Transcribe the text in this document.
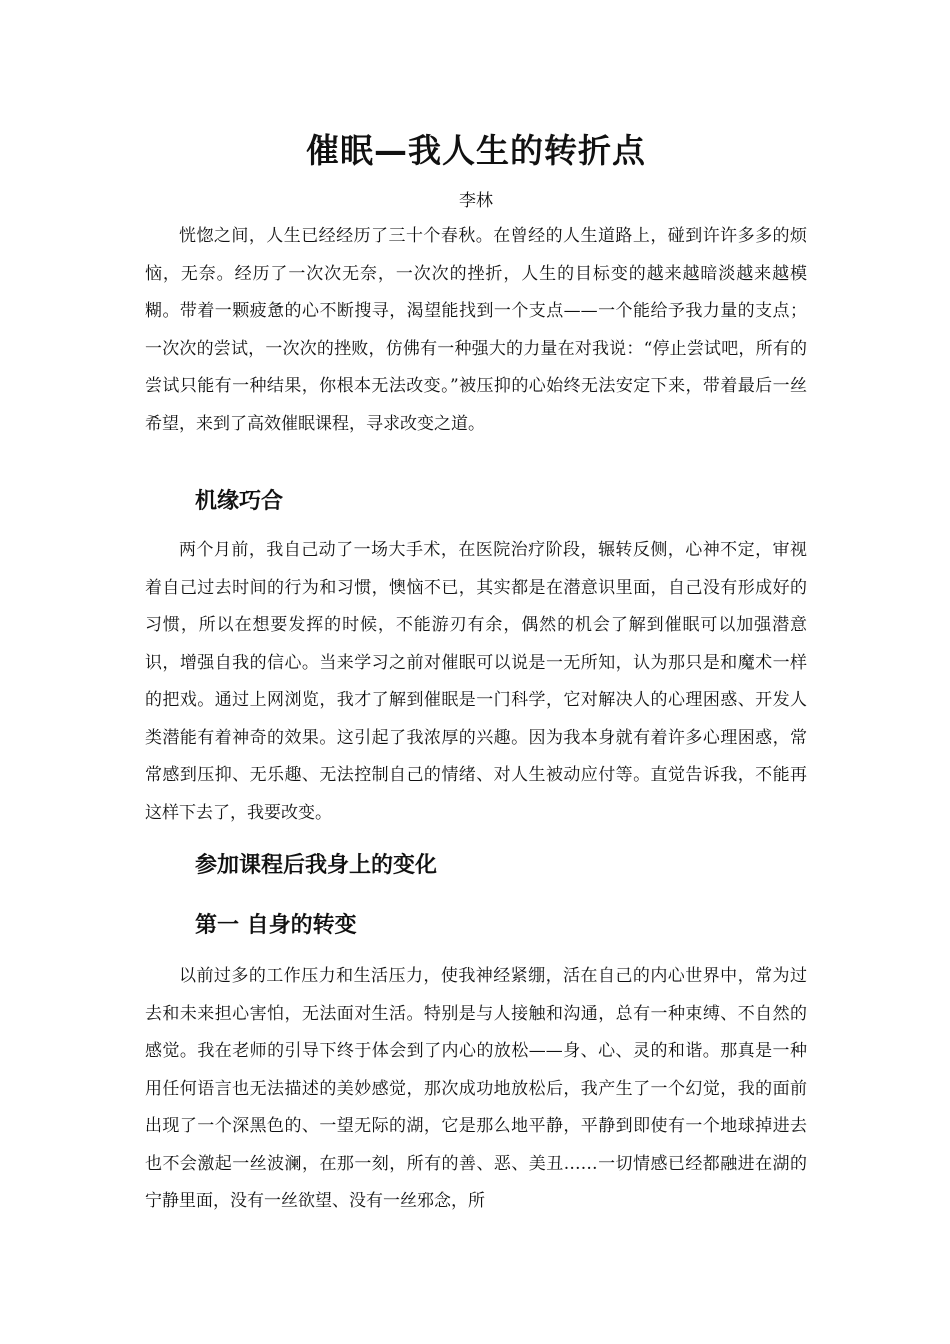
催眠—我人生的转折点
李林

恍惚之间，人生已经经历了三十个春秋。在曾经的人生道路上，碰到许许多多的烦恼，无奈。经历了一次次无奈，一次次的挫折，人生的目标变的越来越暗淡越来越模糊。带着一颗疲惫的心不断搜寻，渴望能找到一个支点——一个能给予我力量的支点；一次次的尝试，一次次的挫败，仿佛有一种强大的力量在对我说：“停止尝试吧，所有的尝试只能有一种结果，你根本无法改变。”被压抑的心始终无法安定下来，带着最后一丝希望，来到了高效催眠课程，寻求改变之道。

机缘巧合

两个月前，我自己动了一场大手术，在医院治疗阶段，辗转反侧，心神不定，审视着自己过去时间的行为和习惯，懊恼不已，其实都是在潜意识里面，自己没有形成好的习惯，所以在想要发挥的时候，不能游刃有余，偶然的机会了解到催眠可以加强潜意识，增强自我的信心。当来学习之前对催眠可以说是一无所知，认为那只是和魔术一样的把戏。通过上网浏览，我才了解到催眠是一门科学，它对解决人的心理困惑、开发人类潜能有着神奇的效果。这引起了我浓厚的兴趣。因为我本身就有着许多心理困惑，常常感到压抑、无乐趣、无法控制自己的情绪、对人生被动应付等。直觉告诉我，不能再这样下去了，我要改变。

参加课程后我身上的变化
第一 自身的转变

以前过多的工作压力和生活压力，使我神经紧绷，活在自己的内心世界中，常为过去和未来担心害怕，无法面对生活。特别是与人接触和沟通，总有一种束缚、不自然的感觉。我在老师的引导下终于体会到了内心的放松——身、心、灵的和谐。那真是一种用任何语言也无法描述的美妙感觉，那次成功地放松后，我产生了一个幻觉，我的面前出现了一个深黑色的、一望无际的湖，它是那么地平静，平静到即使有一个地球掉进去也不会激起一丝波澜，在那一刻，所有的善、恶、美丑……一切情感已经都融进在湖的宁静里面，没有一丝欲望、没有一丝邪念，所
